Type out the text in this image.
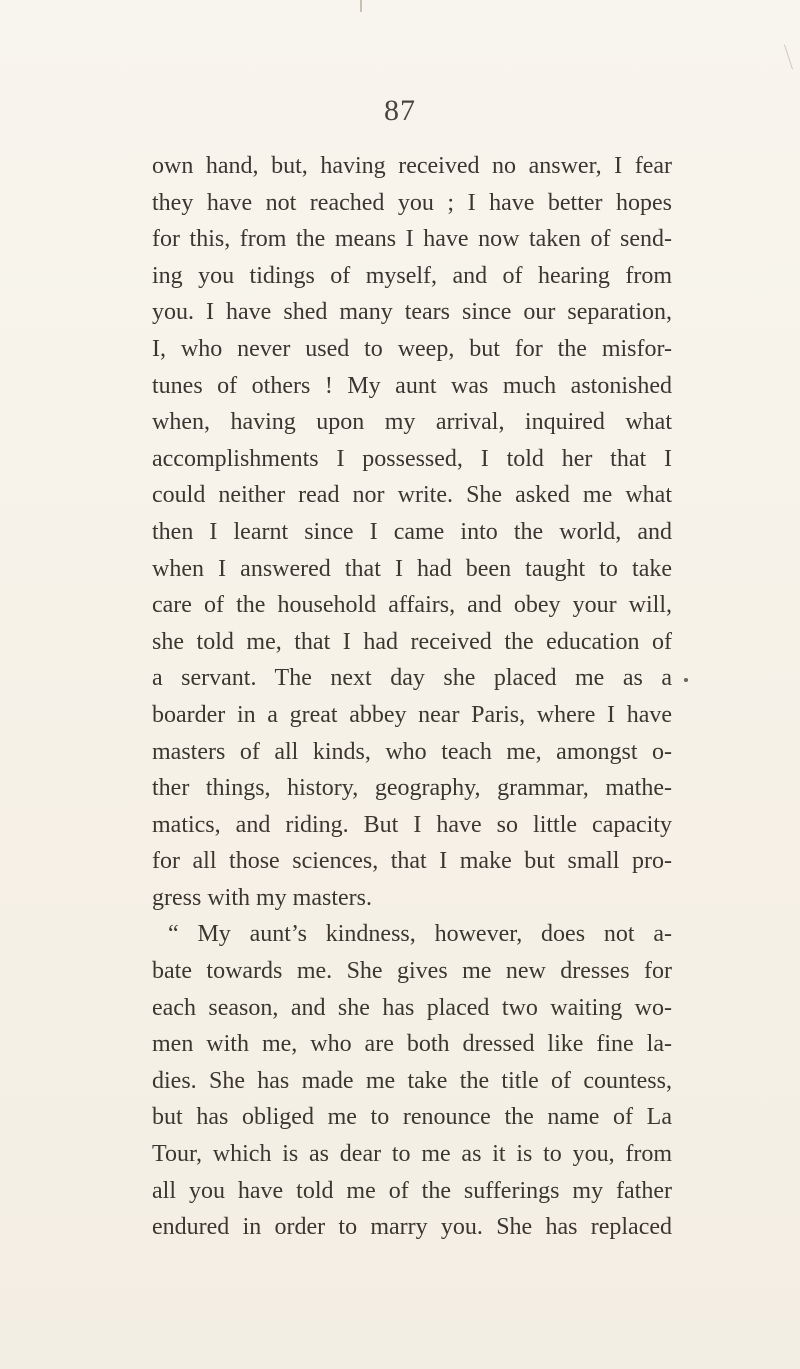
87
own hand, but, having received no answer, I fear
they have not reached you ; I have better hopes
for this, from the means I have now taken of send-
ing you tidings of myself, and of hearing from
you. I have shed many tears since our separation,
I, who never used to weep, but for the misfor-
tunes of others ! My aunt was much astonished
when, having upon my arrival, inquired what
accomplishments I possessed, I told her that I
could neither read nor write. She asked me what
then I learnt since I came into the world, and
when I answered that I had been taught to take
care of the household affairs, and obey your will,
she told me, that I had received the education of
a servant. The next day she placed me as a
boarder in a great abbey near Paris, where I have
masters of all kinds, who teach me, amongst o-
ther things, history, geography, grammar, mathe-
matics, and riding. But I have so little capacity
for all those sciences, that I make but small pro-
gress with my masters.
“ My aunt’s kindness, however, does not a-
bate towards me. She gives me new dresses for
each season, and she has placed two waiting wo-
men with me, who are both dressed like fine la-
dies. She has made me take the title of countess,
but has obliged me to renounce the name of La
Tour, which is as dear to me as it is to you, from
all you have told me of the sufferings my father
endured in order to marry you. She has replaced
